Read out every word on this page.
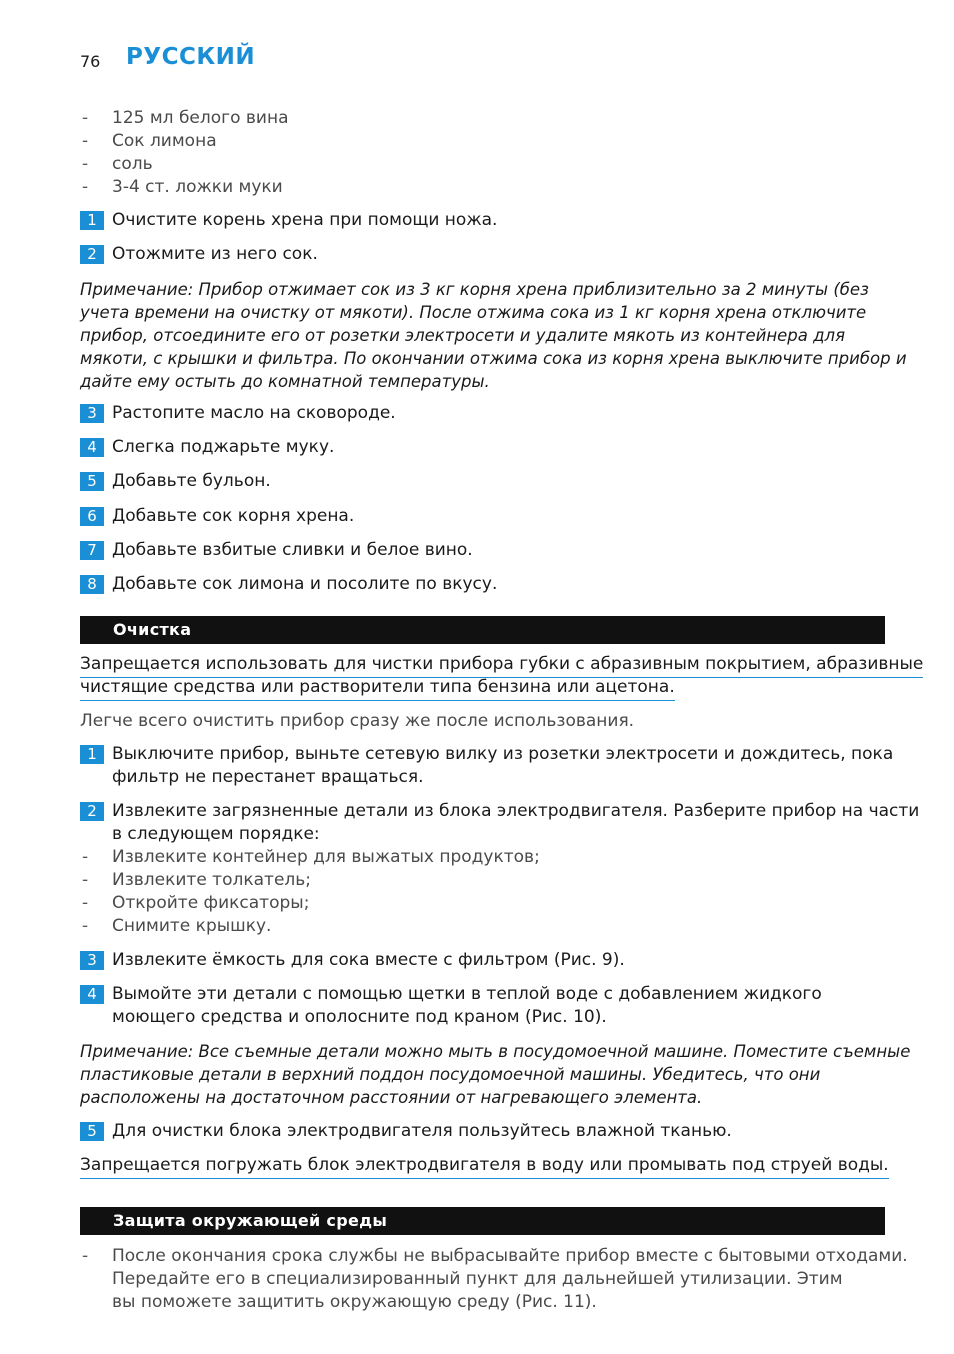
76 РУССКИЙ
- 125 мл белого вина
- Сок лимона
- соль
- 3-4 ст. ложки муки
1 Очистите корень хрена при помощи ножа.
2 Отожмите из него сок.
Примечание: Прибор отжимает сок из 3 кг корня хрена приблизительно за 2 минуты (без
учета времени на очистку от мякоти). После отжима сока из 1 кг корня хрена отключите
прибор, отсоедините его от розетки электросети и удалите мякоть из контейнера для
мякоти, с крышки и фильтра. По окончании отжима сока из корня хрена выключите прибор и
дайте ему остыть до комнатной температуры.
3 Растопите масло на сковороде.
4 Слегка поджарьте муку.
5 Добавьте бульон.
6 Добавьте сок корня хрена.
7 Добавьте взбитые сливки и белое вино.
8 Добавьте сок лимона и посолите по вкусу.
Очистка
Запрещается использовать для чистки прибора губки с абразивным покрытием, абразивные
чистящие средства или растворители типа бензина или ацетона.
Легче всего очистить прибор сразу же после использования.
1 Выключите прибор, выньте сетевую вилку из розетки электросети и дождитесь, пока
фильтр не перестанет вращаться.
2 Извлеките загрязненные детали из блока электродвигателя. Разберите прибор на части
в следующем порядке:
- Извлеките контейнер для выжатых продуктов;
- Извлеките толкатель;
- Откройте фиксаторы;
- Снимите крышку.
3 Извлеките ёмкость для сока вместе с фильтром (Рис. 9).
4 Вымойте эти детали с помощью щетки в теплой воде с добавлением жидкого
моющего средства и ополосните под краном (Рис. 10).
Примечание: Все съемные детали можно мыть в посудомоечной машине. Поместите съемные
пластиковые детали в верхний поддон посудомоечной машины. Убедитесь, что они
расположены на достаточном расстоянии от нагревающего элемента.
5 Для очистки блока электродвигателя пользуйтесь влажной тканью.
Запрещается погружать блок электродвигателя в воду или промывать под струей воды.
Защита окружающей среды
- После окончания срока службы не выбрасывайте прибор вместе с бытовыми отходами.
Передайте его в специализированный пункт для дальнейшей утилизации. Этим
вы поможете защитить окружающую среду (Рис. 11).
